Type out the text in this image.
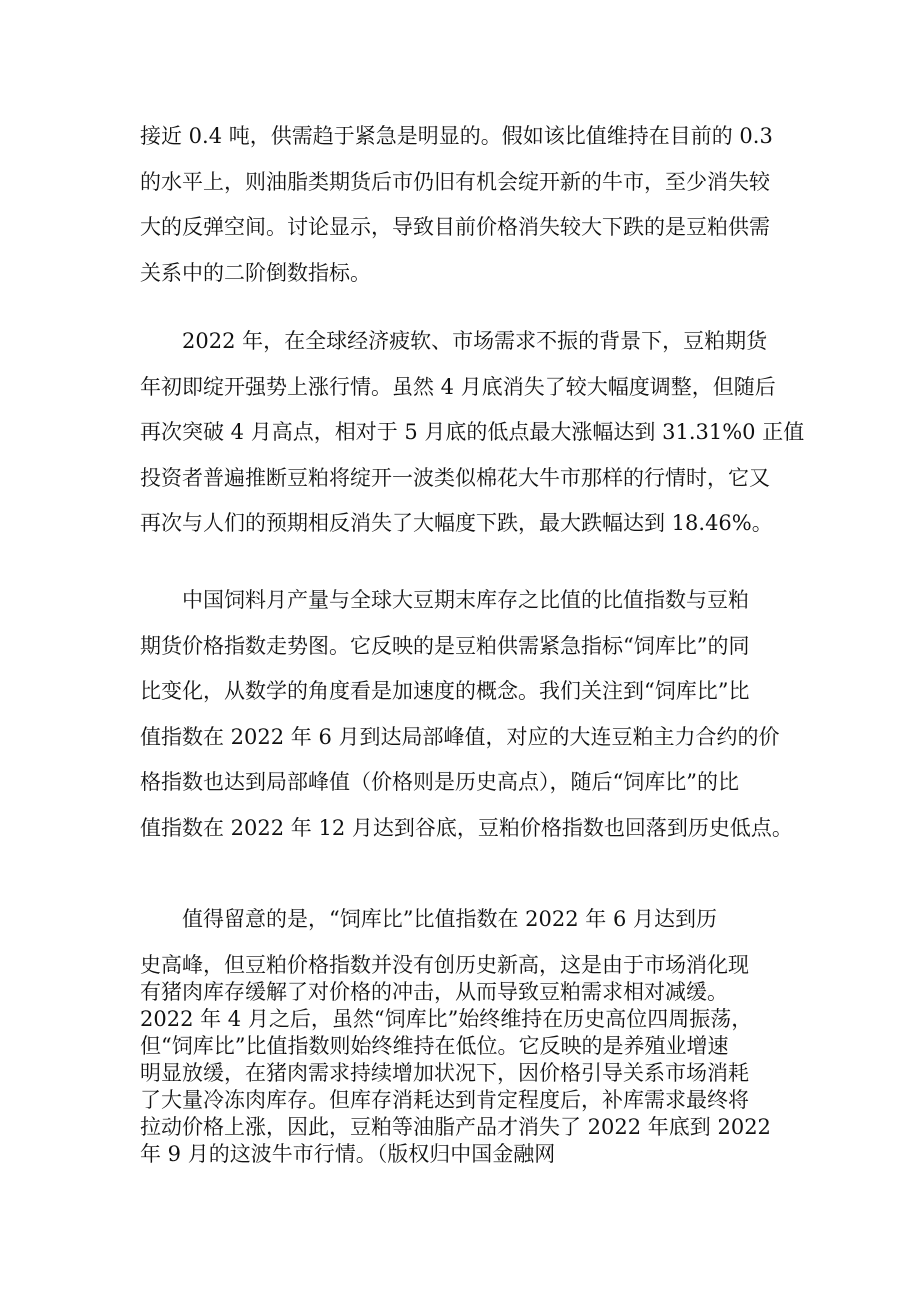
接近 0.4 吨，供需趋于紧急是明显的。假如该比值维持在目前的 0.3
的水平上，则油脂类期货后市仍旧有机会绽开新的牛市，至少消失较
大的反弹空间。讨论显示，导致目前价格消失较大下跌的是豆粕供需
关系中的二阶倒数指标。

2022 年，在全球经济疲软、市场需求不振的背景下，豆粕期货
年初即绽开强势上涨行情。虽然 4 月底消失了较大幅度调整，但随后
再次突破 4 月高点，相对于 5 月底的低点最大涨幅达到 31.31%0 正值
投资者普遍推断豆粕将绽开一波类似棉花大牛市那样的行情时，它又
再次与人们的预期相反消失了大幅度下跌，最大跌幅达到 18.46%。

中国饲料月产量与全球大豆期末库存之比值的比值指数与豆粕
期货价格指数走势图。它反映的是豆粕供需紧急指标“饲库比”的同
比变化，从数学的角度看是加速度的概念。我们关注到“饲库比”比
值指数在 2022 年 6 月到达局部峰值，对应的大连豆粕主力合约的价
格指数也达到局部峰值（价格则是历史高点），随后“饲库比”的比
值指数在 2022 年 12 月达到谷底，豆粕价格指数也回落到历史低点。

值得留意的是，“饲库比”比值指数在 2022 年 6 月达到历

史高峰，但豆粕价格指数并没有创历史新高，这是由于市场消化现
有猪肉库存缓解了对价格的冲击，从而导致豆粕需求相对减缓。
2022 年 4 月之后，虽然“饲库比”始终维持在历史高位四周振荡，
但“饲库比”比值指数则始终维持在低位。它反映的是养殖业增速
明显放缓，在猪肉需求持续增加状况下，因价格引导关系市场消耗
了大量冷冻肉库存。但库存消耗达到肯定程度后，补库需求最终将
拉动价格上涨，因此，豆粕等油脂产品才消失了 2022 年底到 2022
年 9 月的这波牛市行情。（版权归中国金融网
